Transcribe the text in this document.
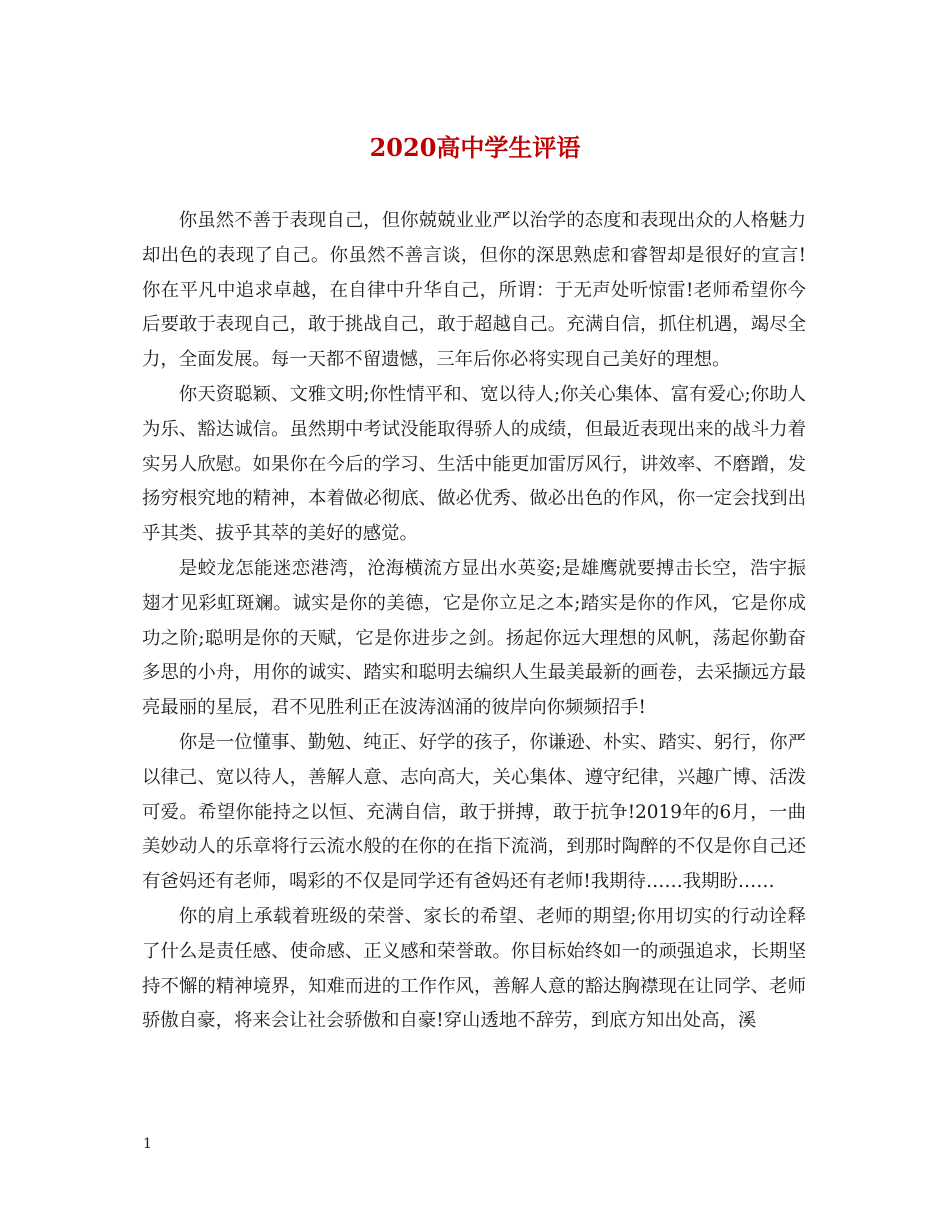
2020高中学生评语

你虽然不善于表现自己，但你兢兢业业严以治学的态度和表现出众的人格魅力却出色的表现了自己。你虽然不善言谈，但你的深思熟虑和睿智却是很好的宣言!你在平凡中追求卓越，在自律中升华自己，所谓：于无声处听惊雷!老师希望你今后要敢于表现自己，敢于挑战自己，敢于超越自己。充满自信，抓住机遇，竭尽全力，全面发展。每一天都不留遗憾，三年后你必将实现自己美好的理想。

你天资聪颖、文雅文明;你性情平和、宽以待人;你关心集体、富有爱心;你助人为乐、豁达诚信。虽然期中考试没能取得骄人的成绩，但最近表现出来的战斗力着实另人欣慰。如果你在今后的学习、生活中能更加雷厉风行，讲效率、不磨蹭，发扬穷根究地的精神，本着做必彻底、做必优秀、做必出色的作风，你一定会找到出乎其类、拔乎其萃的美好的感觉。

是蛟龙怎能迷恋港湾，沧海横流方显出水英姿;是雄鹰就要搏击长空，浩宇振翅才见彩虹斑斓。诚实是你的美德，它是你立足之本;踏实是你的作风，它是你成功之阶;聪明是你的天赋，它是你进步之剑。扬起你远大理想的风帆，荡起你勤奋多思的小舟，用你的诚实、踏实和聪明去编织人生最美最新的画卷，去采撷远方最亮最丽的星辰，君不见胜利正在波涛汹涌的彼岸向你频频招手!

你是一位懂事、勤勉、纯正、好学的孩子，你谦逊、朴实、踏实、躬行，你严以律己、宽以待人，善解人意、志向高大，关心集体、遵守纪律，兴趣广博、活泼可爱。希望你能持之以恒、充满自信，敢于拼搏，敢于抗争!2019年的6月，一曲美妙动人的乐章将行云流水般的在你的在指下流淌，到那时陶醉的不仅是你自己还有爸妈还有老师，喝彩的不仅是同学还有爸妈还有老师!我期待……我期盼……

你的肩上承载着班级的荣誉、家长的希望、老师的期望;你用切实的行动诠释了什么是责任感、使命感、正义感和荣誉敢。你目标始终如一的顽强追求，长期坚持不懈的精神境界，知难而进的工作作风，善解人意的豁达胸襟现在让同学、老师骄傲自豪，将来会让社会骄傲和自豪!穿山透地不辞劳，到底方知出处高，溪

1
